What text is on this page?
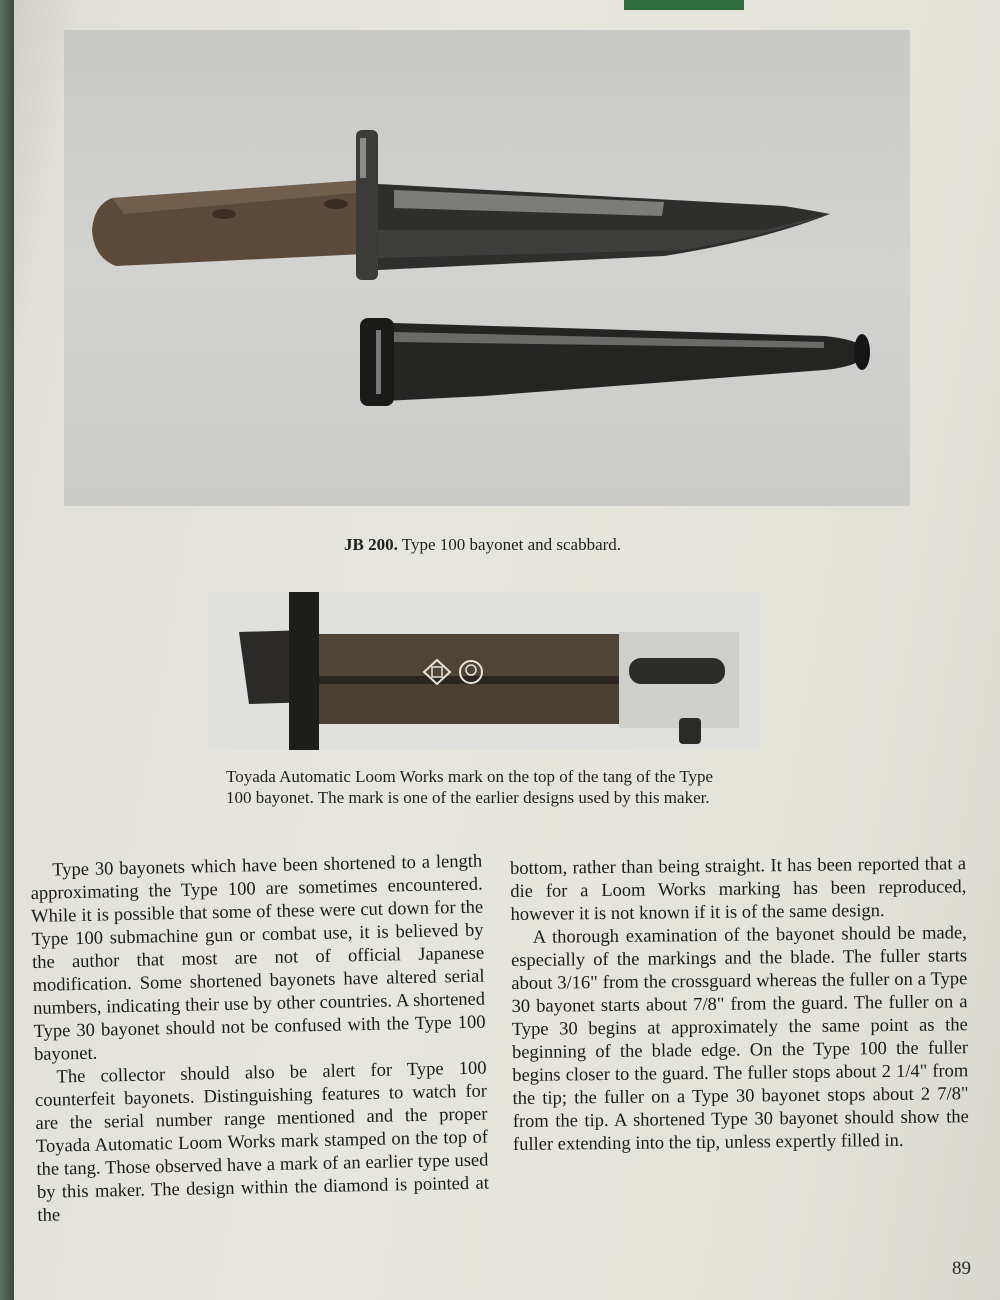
JB 200. Type 100 bayonet and scabbard.

Toyada Automatic Loom Works mark on the top of the tang of the Type
100 bayonet. The mark is one of the earlier designs used by this maker.

Type 30 bayonets which have been shortened to a length approximating the Type 100 are sometimes encountered. While it is possible that some of these were cut down for the Type 100 submachine gun or combat use, it is believed by the author that most are not of official Japanese modification. Some shortened bayonets have altered serial numbers, indicating their use by other countries. A shortened Type 30 bayonet should not be confused with the Type 100 bayonet.

The collector should also be alert for Type 100 counterfeit bayonets. Distinguishing features to watch for are the serial number range mentioned and the proper Toyada Automatic Loom Works mark stamped on the top of the tang. Those observed have a mark of an earlier type used by this maker. The design within the diamond is pointed at the

bottom, rather than being straight. It has been reported that a die for a Loom Works marking has been reproduced, however it is not known if it is of the same design.

A thorough examination of the bayonet should be made, especially of the markings and the blade. The fuller starts about 3/16" from the crossguard whereas the fuller on a Type 30 bayonet starts about 7/8" from the guard. The fuller on a Type 30 begins at approximately the same point as the beginning of the blade edge. On the Type 100 the fuller begins closer to the guard. The fuller stops about 2 1/4" from the tip; the fuller on a Type 30 bayonet stops about 2 7/8" from the tip. A shortened Type 30 bayonet should show the fuller extending into the tip, unless expertly filled in.

89
